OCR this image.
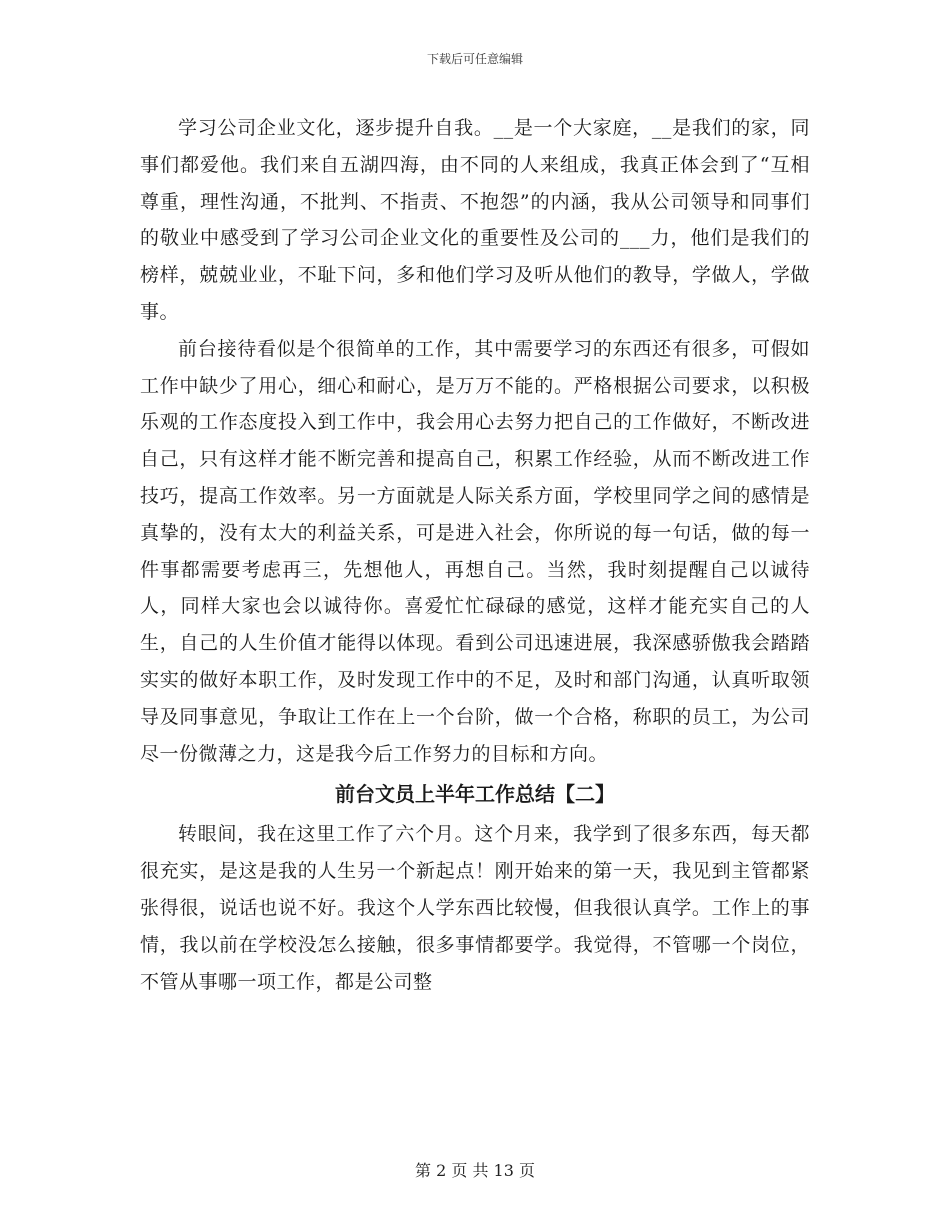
下载后可任意编辑

学习公司企业文化，逐步提升自我。__是一个大家庭，__是我们的家，同事们都爱他。我们来自五湖四海，由不同的人来组成，我真正体会到了“互相尊重，理性沟通，不批判、不指责、不抱怨”的内涵，我从公司领导和同事们的敬业中感受到了学习公司企业文化的重要性及公司的___力，他们是我们的榜样，兢兢业业，不耻下问，多和他们学习及听从他们的教导，学做人，学做事。

前台接待看似是个很简单的工作，其中需要学习的东西还有很多，可假如工作中缺少了用心，细心和耐心，是万万不能的。严格根据公司要求，以积极乐观的工作态度投入到工作中，我会用心去努力把自己的工作做好，不断改进自己，只有这样才能不断完善和提高自己，积累工作经验，从而不断改进工作技巧，提高工作效率。另一方面就是人际关系方面，学校里同学之间的感情是真挚的，没有太大的利益关系，可是进入社会，你所说的每一句话，做的每一件事都需要考虑再三，先想他人，再想自己。当然，我时刻提醒自己以诚待人，同样大家也会以诚待你。喜爱忙忙碌碌的感觉，这样才能充实自己的人生，自己的人生价值才能得以体现。看到公司迅速进展，我深感骄傲我会踏踏实实的做好本职工作，及时发现工作中的不足，及时和部门沟通，认真听取领导及同事意见，争取让工作在上一个台阶，做一个合格，称职的员工，为公司尽一份微薄之力，这是我今后工作努力的目标和方向。

前台文员上半年工作总结【二】

转眼间，我在这里工作了六个月。这个月来，我学到了很多东西，每天都很充实，是这是我的人生另一个新起点！刚开始来的第一天，我见到主管都紧张得很，说话也说不好。我这个人学东西比较慢，但我很认真学。工作上的事情，我以前在学校没怎么接触，很多事情都要学。我觉得，不管哪一个岗位，不管从事哪一项工作，都是公司整

第 2 页 共 13 页
